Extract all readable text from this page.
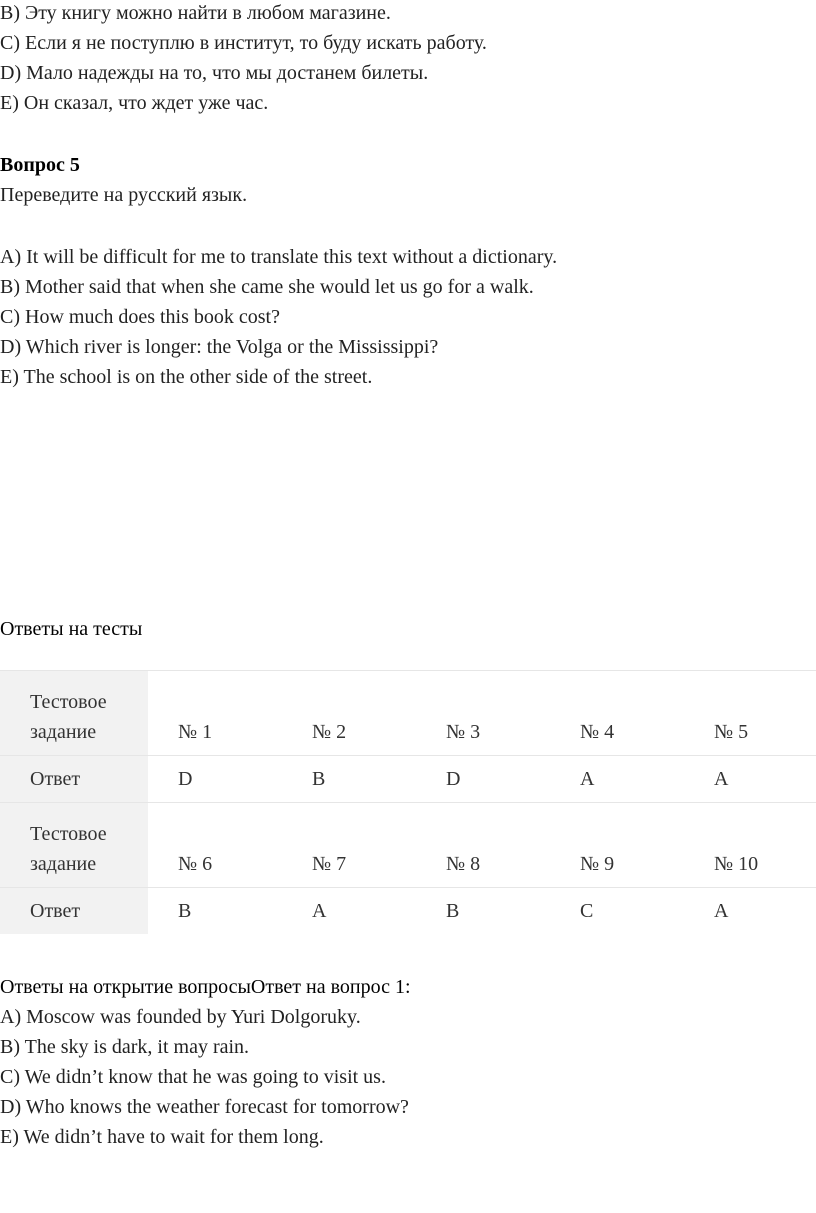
B) Эту книгу можно найти в любом магазине.
C) Если я не поступлю в институт, то буду искать работу.
D) Мало надежды на то, что мы достанем билеты.
E) Он сказал, что ждет уже час.
Вопрос 5
Переведите на русский язык.
A) It will be difficult for me to translate this text without a dictionary.
B) Mother said that when she came she would let us go for a walk.
C) How much does this book cost?
D) Which river is longer: the Volga or the Mississippi?
E) The school is on the other side of the street.
Ответы на тесты
Тестовое
задание	№ 1	№ 2	№ 3	№ 4	№ 5
Ответ	D	B	D	A	A
Тестовое
задание	№ 6	№ 7	№ 8	№ 9	№ 10
Ответ	B	A	B	C	A
Ответы на открытие вопросыОтвет на вопрос 1:
A) Moscow was founded by Yuri Dolgoruky.
B) The sky is dark, it may rain.
C) We didn’t know that he was going to visit us.
D) Who knows the weather forecast for tomorrow?
E) We didn’t have to wait for them long.
